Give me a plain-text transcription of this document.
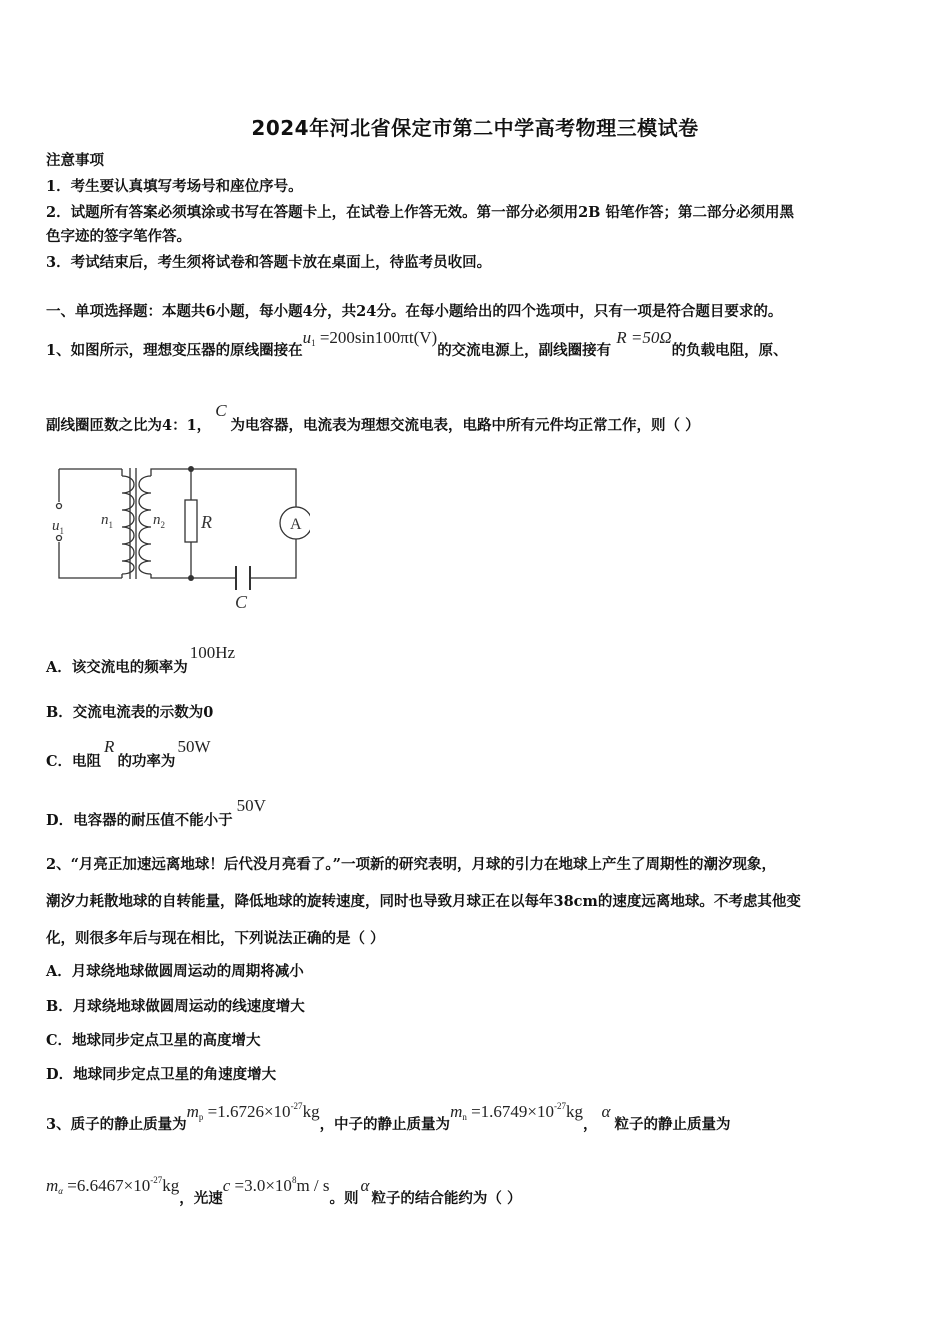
2024年河北省保定市第二中学高考物理三模试卷
注意事项
1．考生要认真填写考场号和座位序号。
2．试题所有答案必须填涂或书写在答题卡上，在试卷上作答无效。第一部分必须用2B 铅笔作答；第二部分必须用黑
色字迹的签字笔作答。
3．考试结束后，考生须将试卷和答题卡放在桌面上，待监考员收回。
一、单项选择题：本题共6小题，每小题4分，共24分。在每小题给出的四个选项中，只有一项是符合题目要求的。
1、如图所示，理想变压器的原线圈接在$u_1 =200\sin 100\pi t(V)$的交流电源上，副线圈接有 R =50Ω的负载电阻，原、
副线圈匝数之比为4：1，C为电容器，电流表为理想交流电表，电路中所有元件均正常工作，则（ ）
$u_1$
$n_1$	$n_2$ R	A
C
A．该交流电的频率为100Hz
B．交流电流表的示数为0
C．电阻R的功率为50W
D．电容器的耐压值不能小于50V
2、“月亮正加速远离地球！后代没月亮看了。”一项新的研究表明，月球的引力在地球上产生了周期性的潮汐现象，
潮汐力耗散地球的自转能量，降低地球的旋转速度，同时也导致月球正在以每年38cm的速度远离地球。不考虑其他变
化，则很多年后与现在相比，下列说法正确的是（ ）
A．月球绕地球做圆周运动的周期将减小
B．月球绕地球做圆周运动的线速度增大
C．地球同步定点卫星的高度增大
D．地球同步定点卫星的角速度增大
3、质子的静止质量为$m_p =1.6726\times 10^{-27}kg$，中子的静止质量为$m_n =1.6749\times 10^{-27}kg$，α粒子的静止质量为
$m_\alpha =6.6467\times 10^{-27}kg$，光速$c =3.0\times 10^8m / s$。则α粒子的结合能约为（ ）
